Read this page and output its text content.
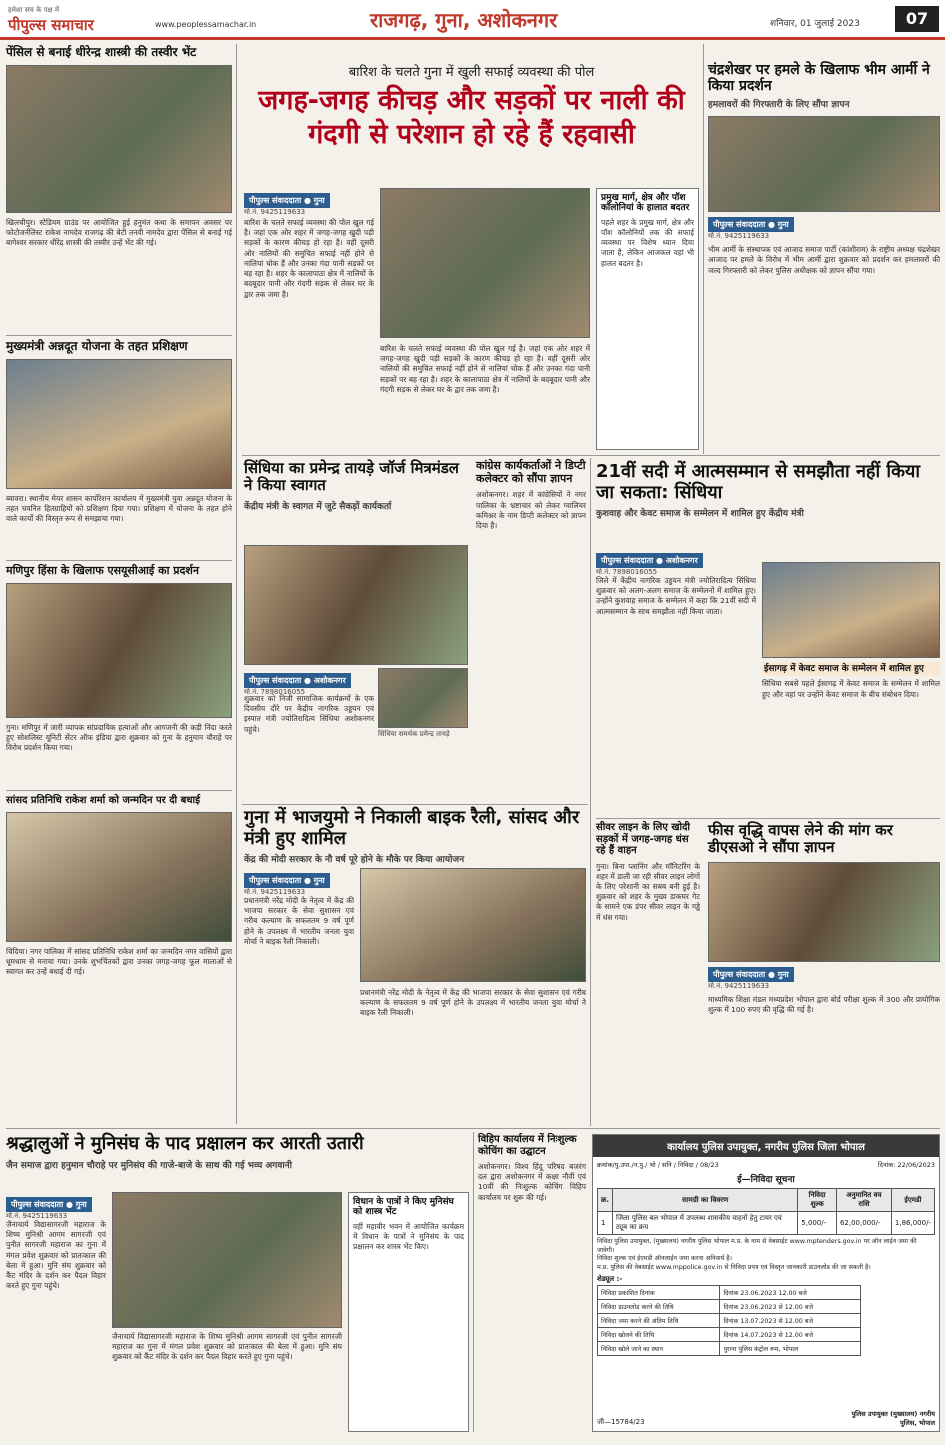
हमेशा सच के पक्ष में
पीपुल्स समाचार	www.peoplessamachar.in	राजगढ़, गुना, अशोकनगर	शनिवार, 01 जुलाई 2023	07
पेंसिल से बनाई धीरेन्द्र शास्त्री की तस्वीर भेंट
खिलचीपुर। स्टेडियम ग्राउंड पर आयोजित हुई हनुमंत कथा के समापन अवसर पर फोटोजर्नलिस्ट राकेश नामदेव राजगढ़ की बेटी तनवी नामदेव द्वारा पेंसिल से बनाई गई बागेश्वर सरकार धीरेंद्र शास्त्री की तस्वीर उन्हें भेंट की गई।
मुख्यमंत्री अन्नदूत योजना के तहत प्रशिक्षण
ब्यावरा। स्थानीय मेयर शासन कार्पोरेशन कार्यालय में मुख्यमंत्री युवा अन्नदूत योजना के तहत चयनित हितग्राहियों को प्रशिक्षण दिया गया। प्रशिक्षण में योजना के तहत होने वाले कार्यों की विस्तृत रूप से समझाया गया।
मणिपुर हिंसा के खिलाफ एसयूसीआई का प्रदर्शन
गुना। मणिपुर में जारी व्यापक सांप्रदायिक हत्याओं और आगजनी की कड़ी निंदा करते हुए सोशलिस्ट यूनिटी सेंटर ऑफ इंडिया द्वारा शुक्रवार को गुना के हनुमान चौराहे पर विरोध प्रदर्शन किया गया।
सांसद प्रतिनिधि राकेश शर्मा को जन्मदिन पर दी बधाई
चिंदिया। नगर पालिका में सांसद प्रतिनिधि राकेश शर्मा का जन्मदिन नगर वासियों द्वारा धूमधाम से मनाया गया। उनके शुभचिंतकों द्वारा उनका जगह-जगह फूल मालाओं से स्वागत कर उन्हें बधाई दी गई।
बारिश के चलते गुना में खुली सफाई व्यवस्था की पोल
जगह-जगह कीचड़ और सड़कों पर नाली की गंदगी से परेशान हो रहे हैं रहवासी
पीपुल्स संवाददाता ● गुना
मो.नं. 9425119633
बारिश के चलते सफाई व्यवस्था की पोल खुल गई है। जहां एक ओर शहर में जगह-जगह खुदी पड़ी सड़कों के कारण कीचड़ हो रहा है। वहीं दूसरी ओर नालियों की समुचित सफाई नहीं होने से नालियां चोक हैं और उनका गंदा पानी सड़कों पर बह रहा है। शहर के कालापाठा क्षेत्र में नालियों के बदबूदार पानी और गंदगी सड़क से लेकर घर के द्वार तक जमा है।
बारिश के चलते सफाई व्यवस्था की पोल खुल गई है। जहां एक ओर शहर में जगह-जगह खुदी पड़ी सड़कों के कारण कीचड़ हो रहा है। वहीं दूसरी ओर नालियों की समुचित सफाई नहीं होने से नालियां चोक हैं और उनका गंदा पानी सड़कों पर बह रहा है। शहर के कालापाठा क्षेत्र में नालियों के बदबूदार पानी और गंदगी सड़क से लेकर घर के द्वार तक जमा है।
प्रमुख मार्ग, क्षेत्र और पॉश कॉलोनियां के हालात बदतर
पहले शहर के प्रमुख मार्ग, क्षेत्र और पॉश कॉलोनियों तक की सफाई व्यवस्था पर विशेष ध्यान दिया जाता है, लेकिन आजकल वहां भी हालत बदतर है।
चंद्रशेखर पर हमले के खिलाफ भीम आर्मी ने किया प्रदर्शन
हमलावरों की गिरफ्तारी के लिए सौंपा ज्ञापन
पीपुल्स संवाददाता ● गुना
मो.नं. 9425119633
भीम आर्मी के संस्थापक एवं आजाद समाज पार्टी (कांशीराम) के राष्ट्रीय अध्यक्ष चंद्रशेखर आजाद पर हमले के विरोध में भीम आर्मी द्वारा शुक्रवार को प्रदर्शन कर हमलावरों की जल्द गिरफ्तारी को लेकर पुलिस अधीक्षक को ज्ञापन सौंपा गया।
सिंधिया का प्रमेन्द्र तायड़े जॉर्ज मित्रमंडल ने किया स्वागत
केंद्रीय मंत्री के स्वागत में जुटे सैकड़ों कार्यकर्ता
पीपुल्स संवाददाता ● अशोकनगर
मो.नं. 7898016055
सिंधिया समर्थक प्रमेन्द्र तायड़े
शुक्रवार को निजी सामाजिक कार्यक्रमों के एक दिवसीय दौरे पर केंद्रीय नागरिक उड्डयन एवं इस्पात मंत्री ज्योतिरादित्य सिंधिया अशोकनगर पहुंचे।
कांग्रेस कार्यकर्ताओं ने डिप्टी कलेक्टर को सौंपा ज्ञापन
अशोकनगर। शहर में कांग्रेसियों ने नगर पालिका के भ्रष्टाचार को लेकर ग्वालियर कमिश्नर के नाम डिप्टी कलेक्टर को ज्ञापन दिया है।
21वीं सदी में आत्मसम्मान से समझौता नहीं किया जा सकता: सिंधिया
कुशवाह और केवट समाज के सम्मेलन में शामिल हुए केंद्रीय मंत्री
पीपुल्स संवाददाता ● अशोकनगर
मो.नं. 7898016055
जिले में केंद्रीय नागरिक उड्डयन मंत्री ज्योतिरादित्य सिंधिया शुक्रवार को अलग-अलग समाज के सम्मेलनों में शामिल हुए। उन्होंने कुशवाह समाज के सम्मेलन में कहा कि 21वीं सदी में आत्मसम्मान के साथ समझौता नहीं किया जाता।
ईसागढ़ में केवट समाज के सम्मेलन में शामिल हुए
सिंधिया सबसे पहले ईसागढ़ में केवट समाज के सम्मेलन में शामिल हुए और वहां पर उन्होंने केवट समाज के बीच संबोधन दिया।
गुना में भाजयुमो ने निकाली बाइक रैली, सांसद और मंत्री हुए शामिल
केंद्र की मोदी सरकार के नौ वर्ष पूरे होने के मौके पर किया आयोजन
पीपुल्स संवाददाता ● गुना
मो.नं. 9425119633
प्रधानमंत्री नरेंद्र मोदी के नेतृत्व में केंद्र की भाजपा सरकार के सेवा सुशासन एवं गरीब कल्याण के सफलतम 9 वर्ष पूर्ण होने के उपलक्ष्य में भारतीय जनता युवा मोर्चा ने बाइक रैली निकाली।
प्रधानमंत्री नरेंद्र मोदी के नेतृत्व में केंद्र की भाजपा सरकार के सेवा सुशासन एवं गरीब कल्याण के सफलतम 9 वर्ष पूर्ण होने के उपलक्ष्य में भारतीय जनता युवा मोर्चा ने बाइक रैली निकाली।
सीवर लाइन के लिए खोदी सड़कों में जगह-जगह धंस रहे हैं वाहन
गुना। बिना प्लानिंग और मॉनिटरिंग के शहर में डाली जा रही सीवर लाइन लोगों के लिए परेशानी का सबब बनी हुई है। शुक्रवार को शहर के मुख्य डाकघर गेट के सामने एक डंपर सीवर लाइन के गड्ढे में धंस गया।
फीस वृद्धि वापस लेने की मांग कर डीएसओ ने सौंपा ज्ञापन
पीपुल्स संवाददाता ● गुना
मो.नं. 9425119633
माध्यमिक शिक्षा मंडल मध्यप्रदेश भोपाल द्वारा बोर्ड परीक्षा शुल्क में 300 और प्रायोगिक शुल्क में 100 रुपए की वृद्धि की गई है।
श्रद्धालुओं ने मुनिसंघ के पाद प्रक्षालन कर आरती उतारी
जैन समाज द्वारा हनुमान चौराहे पर मुनिसंघ की गाजे-बाजे के साथ की गई भव्य अगवानी
पीपुल्स संवाददाता ● गुना
मो.नं. 9425119633
जैनाचार्य विद्यासागरजी महाराज के शिष्य मुनिश्री आगम सागरजी एवं पुनीत सागरजी महाराज का गुना में मंगल प्रवेश शुक्रवार को प्रातःकाल की बेला में हुआ। मुनि संघ शुक्रवार को कैंट मंदिर के दर्शन कर पैदल विहार करते हुए गुना पहुंचे।
जैनाचार्य विद्यासागरजी महाराज के शिष्य मुनिश्री आगम सागरजी एवं पुनीत सागरजी महाराज का गुना में मंगल प्रवेश शुक्रवार को प्रातःकाल की बेला में हुआ। मुनि संघ शुक्रवार को कैंट मंदिर के दर्शन कर पैदल विहार करते हुए गुना पहुंचे।
विधान के पात्रों ने किए मुनिसंघ को शास्त्र भेंट
वहीं महावीर भवन में आयोजित कार्यक्रम में विधान के पात्रों ने मुनिसंघ के पाद प्रक्षालन कर शास्त्र भेंट किए।
विहिप कार्यालय में निःशुल्क कोचिंग का उद्घाटन
अशोकनगर। विश्व हिंदू परिषद बजरंग दल द्वारा अशोकनगर में कक्षा नौवीं एवं 10वीं की निःशुल्क कोचिंग विहिप कार्यालय पर शुरू की गई।
कार्यालय पुलिस उपायुक्त, नगरीय पुलिस जिला भोपाल
क्रमांक/पु.उपा./न.पु./ भो / सनि / निविदा / 08/23	दिनांक: 22/06/2023
ई—निविदा सूचना
क्र.	सामग्री का विवरण	निविदा शुल्क	अनुमानित वय राशि	ईएमडी
1	जिला पुलिस बल भोपाल में उपलब्ध शासकीय वाहनों हेतु टायर एवं ट्यूब का क्रय	5,000/-	62,00,000/-	1,86,000/-
निविदा पुलिस उपायुक्त, (मुख्यालय) नगरीय पुलिस भोपाल म.प्र. के नाम से वेबसाईट www.mptenders.gov.in पर ऑन लाईन जमा की जावेगी।
निविदा शुल्क एवं ईएमडी ऑनलाईन जमा करना अनिवार्य है।
म.प्र. पुलिस की वेबसाईट www.mppolice.gov.in से निविदा प्रपत्र एवं विस्तृत जानकारी डाउनलोड की जा सकती है।
शेड्यूल :-
निविदा प्रकाशित दिनांक	दिनांक 23.06.2023 12.00 बजे
निविदा डाउनलोड करने की तिथि	दिनांक 23.06.2023 से 12.00 बजे
निविदा जमा करने की अंतिम तिथि	दिनांक 13.07.2023 से 12.00 बजे
निविदा खोलने की तिथि	दिनांक 14.07.2023 से 12.00 बजे
निविदा खोले जाने का स्थान	पुराना पुलिस कंट्रोल रूम, भोपाल
जी—15784/23
पुलिस उपायुक्त (मुख्यालय) नगरीय पुलिस, भोपाल
